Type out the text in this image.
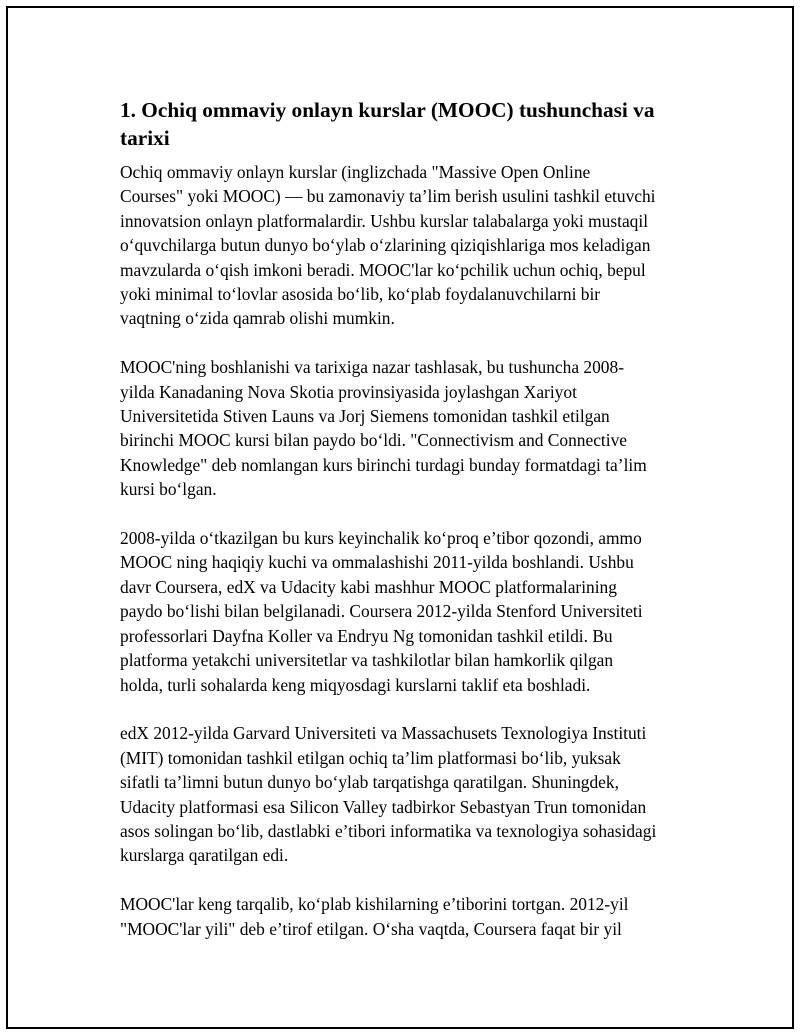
1. Ochiq ommaviy onlayn kurslar (MOOC) tushunchasi va
tarixi
Ochiq ommaviy onlayn kurslar (inglizchada "Massive Open Online
Courses" yoki MOOC) — bu zamonaviy ta’lim berish usulini tashkil etuvchi
innovatsion onlayn platformalardir. Ushbu kurslar talabalarga yoki mustaqil
o‘quvchilarga butun dunyo bo‘ylab o‘zlarining qiziqishlariga mos keladigan
mavzularda o‘qish imkoni beradi. MOOC'lar ko‘pchilik uchun ochiq, bepul
yoki minimal to‘lovlar asosida bo‘lib, ko‘plab foydalanuvchilarni bir
vaqtning o‘zida qamrab olishi mumkin.
MOOC'ning boshlanishi va tarixiga nazar tashlasak, bu tushuncha 2008-
yilda Kanadaning Nova Skotia provinsiyasida joylashgan Xariyot
Universitetida Stiven Launs va Jorj Siemens tomonidan tashkil etilgan
birinchi MOOC kursi bilan paydo bo‘ldi. "Connectivism and Connective
Knowledge" deb nomlangan kurs birinchi turdagi bunday formatdagi ta’lim
kursi bo‘lgan.
2008-yilda o‘tkazilgan bu kurs keyinchalik ko‘proq e’tibor qozondi, ammo
MOOC ning haqiqiy kuchi va ommalashishi 2011-yilda boshlandi. Ushbu
davr Coursera, edX va Udacity kabi mashhur MOOC platformalarining
paydo bo‘lishi bilan belgilanadi. Coursera 2012-yilda Stenford Universiteti
professorlari Dayfna Koller va Endryu Ng tomonidan tashkil etildi. Bu
platforma yetakchi universitetlar va tashkilotlar bilan hamkorlik qilgan
holda, turli sohalarda keng miqyosdagi kurslarni taklif eta boshladi.
edX 2012-yilda Garvard Universiteti va Massachusets Texnologiya Instituti
(MIT) tomonidan tashkil etilgan ochiq ta’lim platformasi bo‘lib, yuksak
sifatli ta’limni butun dunyo bo‘ylab tarqatishga qaratilgan. Shuningdek,
Udacity platformasi esa Silicon Valley tadbirkor Sebastyan Trun tomonidan
asos solingan bo‘lib, dastlabki e’tibori informatika va texnologiya sohasidagi
kurslarga qaratilgan edi.
MOOC'lar keng tarqalib, ko‘plab kishilarning e’tiborini tortgan. 2012-yil
"MOOC'lar yili" deb e’tirof etilgan. O‘sha vaqtda, Coursera faqat bir yil
